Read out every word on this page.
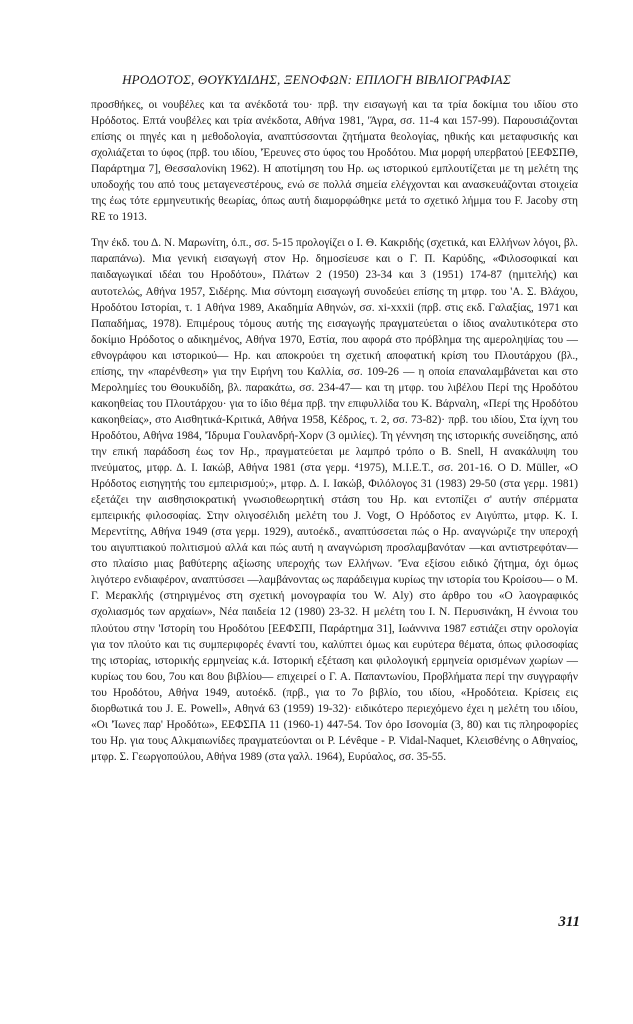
ΗΡΟΔΟΤΟΣ, ΘΟΥΚΥΔΙΔΗΣ, ΞΕΝΟΦΩΝ: ΕΠΙΛΟΓΗ ΒΙΒΛΙΟΓΡΑΦΙΑΣ

προσθήκες, οι νουβέλες και τα ανέκδοτά του· πρβ. την εισαγωγή και τα τρία δοκίμια του ιδίου στο Ηρόδοτος. Επτά νουβέλες και τρία ανέκδοτα, Αθήνα 1981, 'Άγρα, σσ. 11-4 και 157-99). Παρουσιάζονται επίσης οι πηγές και η μεθοδολογία, αναπτύσσονται ζητήματα θεολογίας, ηθικής και μεταφυσικής και σχολιάζεται το ύφος (πρβ. του ιδίου, 'Έρευνες στο ύφος του Ηροδότου. Μια μορφή υπερβατού [ΕΕΦΣΠΘ, Παράρτημα 7], Θεσσαλονίκη 1962). Η αποτίμηση του Ηρ. ως ιστορικού εμπλουτίζεται με τη μελέτη της υποδοχής του από τους μεταγενεστέρους, ενώ σε πολλά σημεία ελέγχονται και ανασκευάζονται στοιχεία της έως τότε ερμηνευτικής θεωρίας, όπως αυτή διαμορφώθηκε μετά το σχετικό λήμμα του F. Jacoby στη RE το 1913.

Την έκδ. του Δ. Ν. Μαρωνίτη, ό.π., σσ. 5-15 προλογίζει ο Ι. Θ. Κακριδής (σχετικά, και Ελλήνων λόγοι, βλ. παραπάνω). Μια γενική εισαγωγή στον Ηρ. δημοσίευσε και ο Γ. Π. Καρύδης, «Φιλοσοφικαί και παιδαγωγικαί ιδέαι του Ηροδότου», Πλάτων 2 (1950) 23-34 και 3 (1951) 174-87 (ημιτελής) και αυτοτελώς, Αθήνα 1957, Σιδέρης. Μια σύντομη εισαγωγή συνοδεύει επίσης τη μτφρ. του 'Α. Σ. Βλάχου, Ηροδότου Ιστορίαι, τ. 1 Αθήνα 1989, Ακαδημία Αθηνών, σσ. xi-xxxii (πρβ. στις εκδ. Γαλαξίας, 1971 και Παπαδήμας, 1978). Επιμέρους τόμους αυτής της εισαγωγής πραγματεύεται ο ίδιος αναλυτικότερα στο δοκίμιο Ηρόδοτος ο αδικημένος, Αθήνα 1970, Εστία, που αφορά στο πρόβλημα της αμεροληψίας του —εθνογράφου και ιστορικού— Ηρ. και αποκρούει τη σχετική αποφατική κρίση του Πλουτάρχου (βλ., επίσης, την «παρένθεση» για την Ειρήνη του Καλλία, σσ. 109-26 — η οποία επαναλαμβάνεται και στο Μερολημίες του Θουκυδίδη, βλ. παρακάτω, σσ. 234-47— και τη μτφρ. του λιβέλου Περί της Ηροδότου κακοηθείας του Πλουτάρχου· για το ίδιο θέμα πρβ. την επιφυλλίδα του Κ. Βάρναλη, «Περί της Ηροδότου κακοηθείας», στο Αισθητικά-Κριτικά, Αθήνα 1958, Κέδρος, τ. 2, σσ. 73-82)· πρβ. του ιδίου, Στα ίχνη του Ηροδότου, Αθήνα 1984, 'Ίδρυμα Γουλανδρή-Χορν (3 ομιλίες). Τη γέννηση της ιστορικής συνείδησης, από την επική παράδοση έως τον Ηρ., πραγματεύεται με λαμπρό τρόπο ο B. Snell, Η ανακάλυψη του πνεύματος, μτφρ. Δ. Ι. Ιακώβ, Αθήνα 1981 (στα γερμ. ⁴1975), Μ.Ι.Ε.Τ., σσ. 201-16. O D. Müller, «Ο Ηρόδοτος εισηγητής του εμπειρισμού;», μτφρ. Δ. Ι. Ιακώβ, Φιλόλογος 31 (1983) 29-50 (στα γερμ. 1981) εξετάζει την αισθησιοκρατική γνωσιοθεωρητική στάση του Ηρ. και εντοπίζει σ' αυτήν σπέρματα εμπειρικής φιλοσοφίας. Στην ολιγοσέλιδη μελέτη του J. Vogt, Ο Ηρόδοτος εν Αιγύπτω, μτφρ. Κ. Ι. Μερεντίτης, Αθήνα 1949 (στα γερμ. 1929), αυτοέκδ., αναπτύσσεται πώς ο Ηρ. αναγνώριζε την υπεροχή του αιγυπτιακού πολιτισμού αλλά και πώς αυτή η αναγνώριση προσλαμβανόταν —και αντιστρεφόταν— στο πλαίσιο μιας βαθύτερης αξίωσης υπεροχής των Ελλήνων. 'Ένα εξίσου ειδικό ζήτημα, όχι όμως λιγότερο ενδιαφέρον, αναπτύσσει —λαμβάνοντας ως παράδειγμα κυρίως την ιστορία του Κροίσου— ο Μ. Γ. Μερακλής (στηριγμένος στη σχετική μονογραφία του W. Aly) στο άρθρο του «Ο λαογραφικός σχολιασμός των αρχαίων», Νέα παιδεία 12 (1980) 23-32. Η μελέτη του Ι. Ν. Περυσινάκη, Η έννοια του πλούτου στην 'Ιστορίη του Ηροδότου [ΕΕΦΣΠΙ, Παράρτημα 31], Ιωάννινα 1987 εστιάζει στην ορολογία για τον πλούτο και τις συμπεριφορές έναντί του, καλύπτει όμως και ευρύτερα θέματα, όπως φιλοσοφίας της ιστορίας, ιστορικής ερμηνείας κ.ά. Ιστορική εξέταση και φιλολογική ερμηνεία ορισμένων χωρίων —κυρίως του 6ου, 7ου και 8ου βιβλίου— επιχειρεί ο Γ. Α. Παπαντωνίου, Προβλήματα περί την συγγραφήν του Ηροδότου, Αθήνα 1949, αυτοέκδ. (πρβ., για το 7ο βιβλίο, του ιδίου, «Ηροδότεια. Κρίσεις εις διορθωτικά του J. E. Powell», Αθηνά 63 (1959) 19-32)· ειδικότερο περιεχόμενο έχει η μελέτη του ιδίου, «Οι 'Ίωνες παρ' Ηροδότω», ΕΕΦΣΠΑ 11 (1960-1) 447-54. Τον όρο Ισονομία (3, 80) και τις πληροφορίες του Ηρ. για τους Αλκμαιωνίδες πραγματεύονται οι P. Lévêque - P. Vidal-Naquet, Κλεισθένης ο Αθηναίος, μτφρ. Σ. Γεωργοπούλου, Αθήνα 1989 (στα γαλλ. 1964), Ευρύαλος, σσ. 35-55.

311
